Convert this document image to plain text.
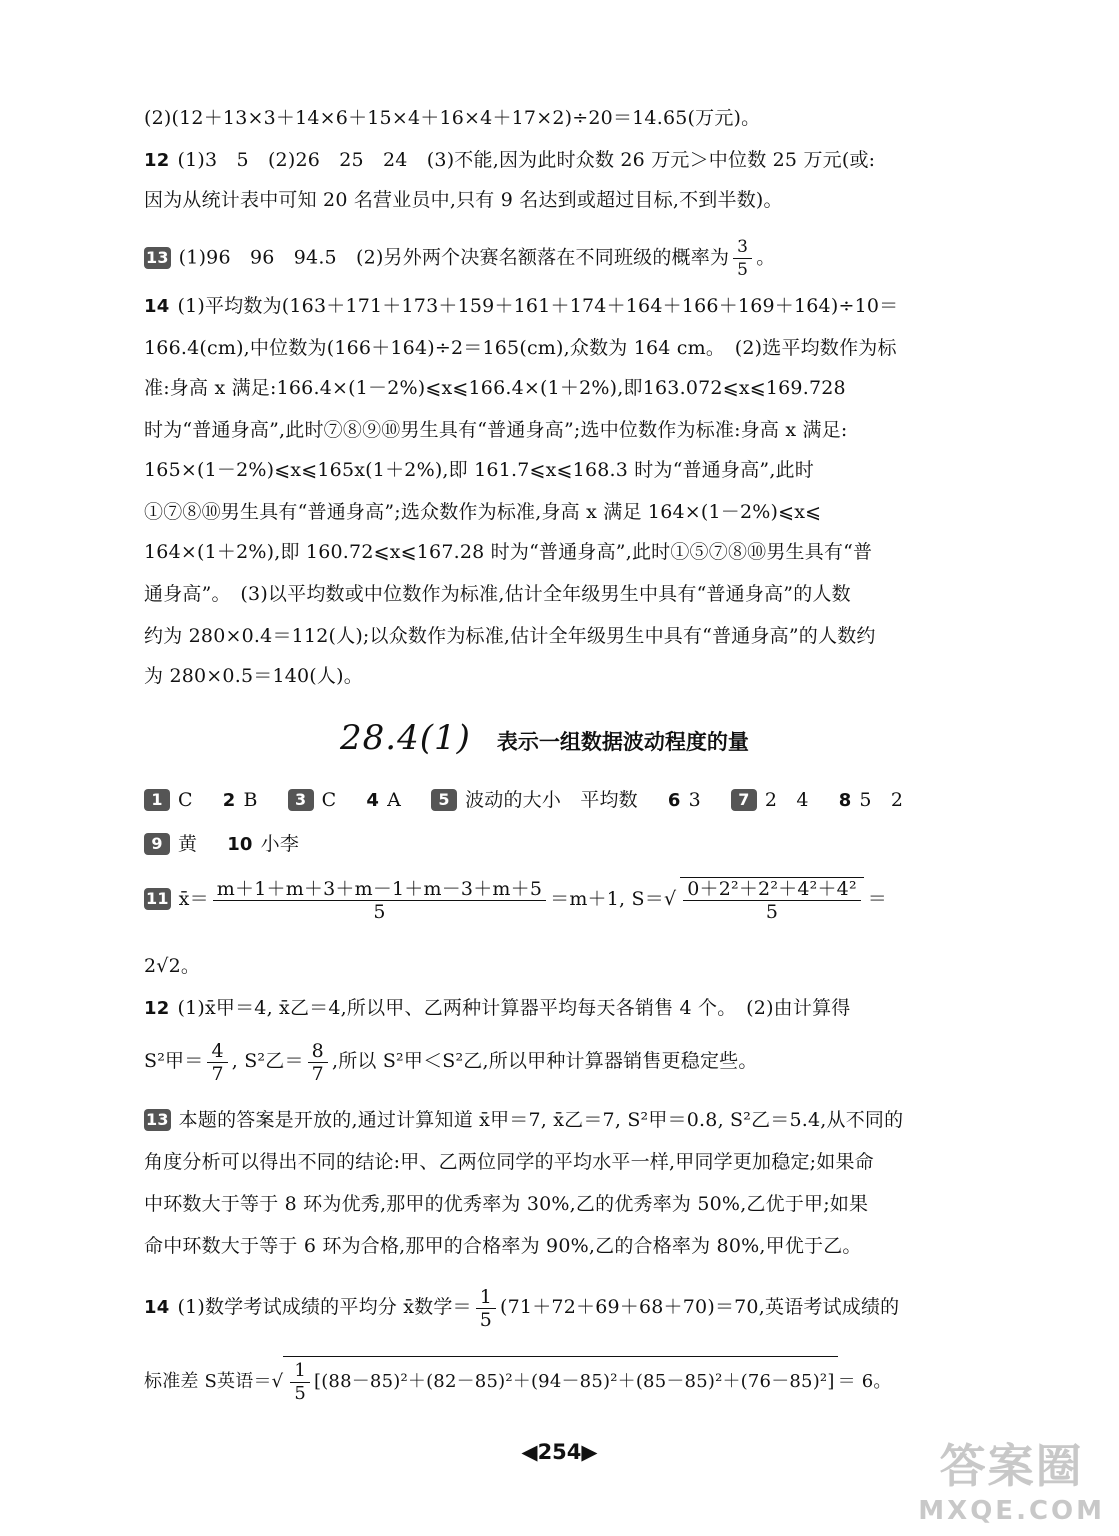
(2)(12＋13×3＋14×6＋15×4＋16×4＋17×2)÷20＝14.65(万元)。
12 (1)3　5　(2)26　25　24　(3)不能,因为此时众数 26 万元＞中位数 25 万元(或:
因为从统计表中可知 20 名营业员中,只有 9 名达到或超过目标,不到半数)。
13 (1)96　96　94.5　(2)另外两个决赛名额落在不同班级的概率为 $\frac{3}{5}$ 。
14 (1)平均数为(163＋171＋173＋159＋161＋174＋164＋166＋169＋164)÷10＝
166.4(cm),中位数为(166＋164)÷2＝165(cm),众数为 164 cm。　(2)选平均数作为标
准:身高 x 满足:166.4×(1－2%)⩽x⩽166.4×(1＋2%),即163.072⩽x⩽169.728
时为“普通身高”,此时⑦⑧⑨⑩男生具有“普通身高”;选中位数作为标准:身高 x 满足:
165×(1－2%)⩽x⩽165x(1＋2%),即 161.7⩽x⩽168.3 时为“普通身高”,此时
①⑦⑧⑩男生具有“普通身高”;选众数作为标准,身高 x 满足 164×(1－2%)⩽x⩽
164×(1＋2%),即 160.72⩽x⩽167.28 时为“普通身高”,此时①⑤⑦⑧⑩男生具有“普
通身高”。　(3)以平均数或中位数作为标准,估计全年级男生中具有“普通身高”的人数
约为 280×0.4＝112(人);以众数作为标准,估计全年级男生中具有“普通身高”的人数约
为 280×0.5＝140(人)。
28.4(1) 表示一组数据波动程度的量
1 C 2 B 3 C 4 A 5 波动的大小　平均数 6 3 7 2　4 8 5　2
9 黄 10 小李
11 x̄＝ $\frac{m+1+m+3+m-1+m-3+m+5}{5} =m+1$, $S=√ \frac{\text{0＋2²＋2²＋4²＋4²}}{5}$ ＝
2√2。
12 (1)x̄甲＝4, x̄乙＝4,所以甲、乙两种计算器平均每天各销售 4 个。　(2)由计算得
S²甲＝ $\frac{4}{7}$ , S²乙＝ $\frac{8}{7}$ ,所以 S²甲＜S²乙,所以甲种计算器销售更稳定些。
13 本题的答案是开放的,通过计算知道 x̄甲＝7, x̄乙＝7, S²甲＝0.8, S²乙＝5.4,从不同的
角度分析可以得出不同的结论:甲、乙两位同学的平均水平一样,甲同学更加稳定;如果命
中环数大于等于 8 环为优秀,那甲的优秀率为 30%,乙的优秀率为 50%,乙优于甲;如果
命中环数大于等于 6 环为合格,那甲的合格率为 90%,乙的合格率为 80%,甲优于乙。
14 (1)数学考试成绩的平均分 x̄数学＝ $\frac{1}{5} (71+72+69+68+70)=70$,英语考试成绩的
标准差 S英语＝√ $\frac{1}{5} [(88-85)^2+(82-85)^2+(94-85)^2+(85-85)^2+(76-85)^2] = 6$。
◀254▶	答案圈
MXQE.COM
